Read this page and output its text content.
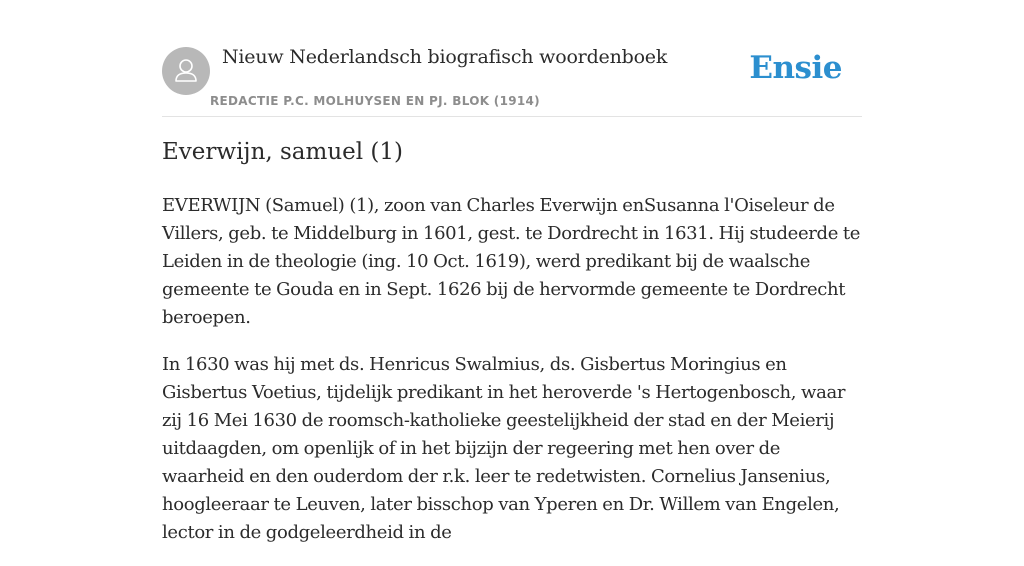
Nieuw Nederlandsch biografisch woordenboek
REDACTIE P.C. MOLHUYSEN EN PJ. BLOK (1914)
Ensie
Everwijn, samuel (1)

EVERWIJN (Samuel) (1), zoon van Charles Everwijn enSusanna l'Oiseleur de Villers, geb. te Middelburg in 1601, gest. te Dordrecht in 1631. Hij studeerde te Leiden in de theologie (ing. 10 Oct. 1619), werd predikant bij de waalsche gemeente te Gouda en in Sept. 1626 bij de hervormde gemeente te Dordrecht beroepen.

In 1630 was hij met ds. Henricus Swalmius, ds. Gisbertus Moringius en Gisbertus Voetius, tijdelijk predikant in het heroverde 's Hertogenbosch, waar zij 16 Mei 1630 de roomsch-katholieke geestelijkheid der stad en der Meierij uitdaagden, om openlijk of in het bijzijn der regeering met hen over de waarheid en den ouderdom der r.k. leer te redetwisten. Cornelius Jansenius, hoogleeraar te Leuven, later bisschop van Yperen en Dr. Willem van Engelen, lector in de godgeleerdheid in de
